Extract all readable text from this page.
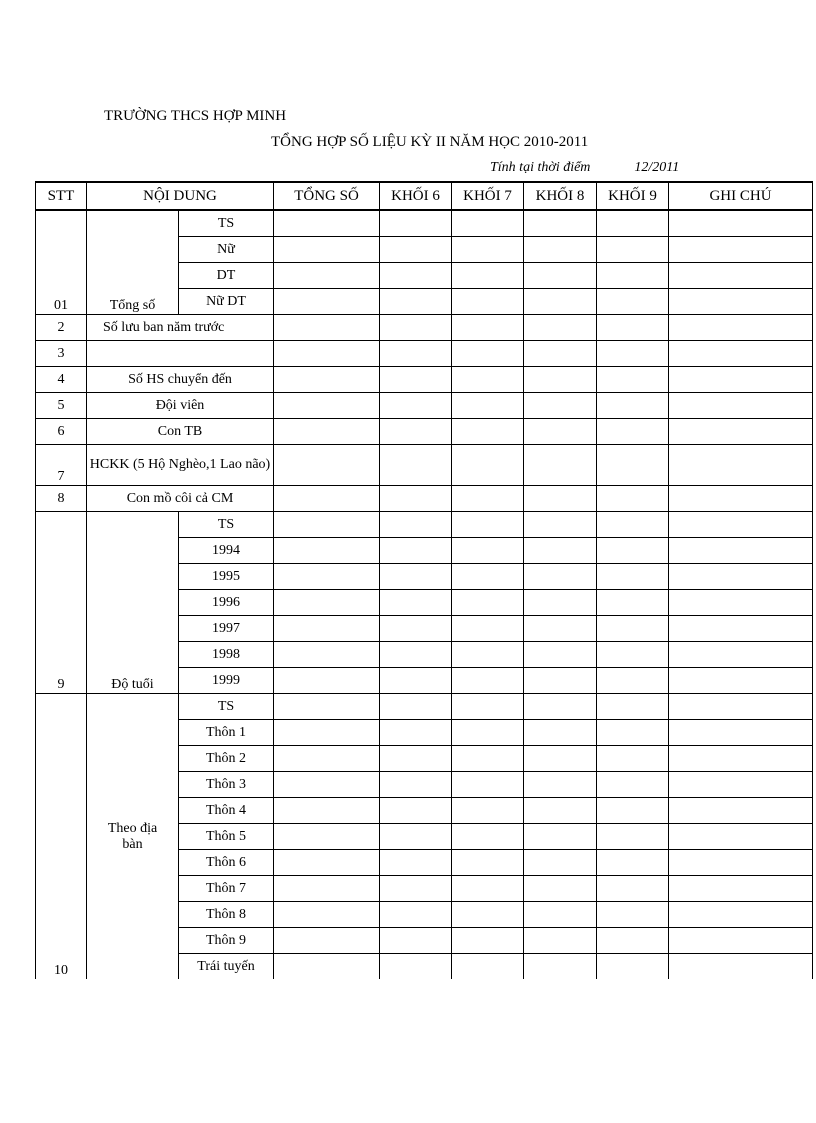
TRƯỜNG THCS HỢP MINH
TỔNG HỢP SỐ LIỆU KỲ II NĂM HỌC 2010-2011
Tính tại thời điểm	12/2011
STT	NỘI DUNG		TỔNG SỐ	KHỐI 6	KHỐI 7	KHỐI 8	KHỐI 9	GHI CHÚ
01	Tổng số	TS						
		Nữ						
		DT						
		Nữ DT						
2	Số lưu ban năm trước							
3								
4	Số HS chuyển đến							
5	Đội viên							
6	Con TB							
7	HCKK (5 Hộ Nghèo,1 Lao não)							
8	Con mồ côi cả CM							
9	Độ tuổi	TS						
		1994						
		1995						
		1996						
		1997						
		1998						
		1999						
10	Theo địa bàn	TS						
		Thôn 1						
		Thôn 2						
		Thôn 3						
		Thôn 4						
		Thôn 5						
		Thôn 6						
		Thôn 7						
		Thôn 8						
		Thôn 9						
		Trái tuyến						
